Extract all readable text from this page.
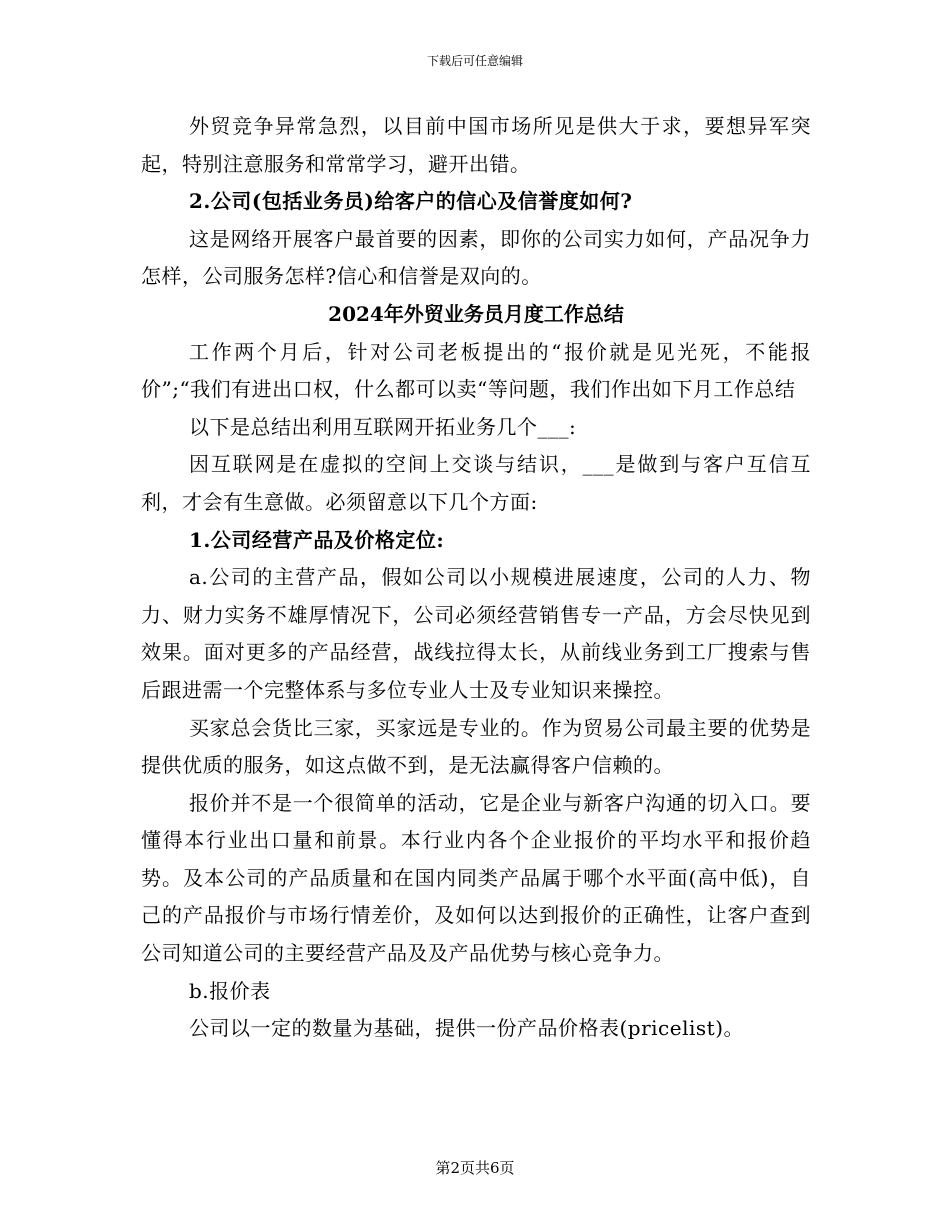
下载后可任意编辑

外贸竞争异常急烈，以目前中国市场所见是供大于求，要想异军突起，特别注意服务和常常学习，避开出错。

2.公司(包括业务员)给客户的信心及信誉度如何?

这是网络开展客户最首要的因素，即你的公司实力如何，产品况争力怎样，公司服务怎样?信心和信誉是双向的。

2024年外贸业务员月度工作总结

工作两个月后，针对公司老板提出的“报价就是见光死，不能报价”;“我们有进出口权，什么都可以卖“等问题，我们作出如下月工作总结

以下是总结出利用互联网开拓业务几个___:

因互联网是在虚拟的空间上交谈与结识，___是做到与客户互信互利，才会有生意做。必须留意以下几个方面:

1.公司经营产品及价格定位:

a.公司的主营产品，假如公司以小规模进展速度，公司的人力、物力、财力实务不雄厚情况下，公司必须经营销售专一产品，方会尽快见到效果。面对更多的产品经营，战线拉得太长，从前线业务到工厂搜索与售后跟进需一个完整体系与多位专业人士及专业知识来操控。

买家总会货比三家，买家远是专业的。作为贸易公司最主要的优势是提供优质的服务，如这点做不到，是无法赢得客户信赖的。

报价并不是一个很简单的活动，它是企业与新客户沟通的切入口。要懂得本行业出口量和前景。本行业内各个企业报价的平均水平和报价趋势。及本公司的产品质量和在国内同类产品属于哪个水平面(高中低)，自己的产品报价与市场行情差价，及如何以达到报价的正确性，让客户查到公司知道公司的主要经营产品及及产品优势与核心竞争力。

b.报价表

公司以一定的数量为基础，提供一份产品价格表(pricelist)。

第2页共6页
